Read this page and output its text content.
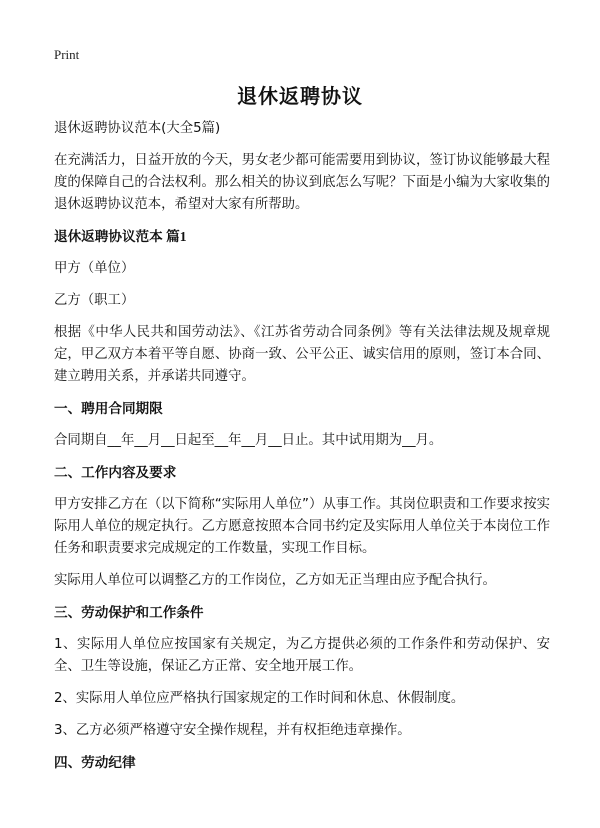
Print
退休返聘协议

退休返聘协议范本(大全5篇)

在充满活力，日益开放的今天，男女老少都可能需要用到协议，签订协议能够最大程度的保障自己的合法权利。那么相关的协议到底怎么写呢？下面是小编为大家收集的退休返聘协议范本，希望对大家有所帮助。

退休返聘协议范本 篇1

甲方（单位）

乙方（职工）

根据《中华人民共和国劳动法》、《江苏省劳动合同条例》等有关法律法规及规章规定，甲乙双方本着平等自愿、协商一致、公平公正、诚实信用的原则，签订本合同、建立聘用关系，并承诺共同遵守。

一、聘用合同期限

合同期自__年__月__日起至__年__月__日止。其中试用期为__月。

二、工作内容及要求

甲方安排乙方在（以下简称“实际用人单位”）从事工作。其岗位职责和工作要求按实际用人单位的规定执行。乙方愿意按照本合同书约定及实际用人单位关于本岗位工作任务和职责要求完成规定的工作数量，实现工作目标。

实际用人单位可以调整乙方的工作岗位，乙方如无正当理由应予配合执行。

三、劳动保护和工作条件

1、实际用人单位应按国家有关规定，为乙方提供必须的工作条件和劳动保护、安全、卫生等设施，保证乙方正常、安全地开展工作。

2、实际用人单位应严格执行国家规定的工作时间和休息、休假制度。

3、乙方必须严格遵守安全操作规程，并有权拒绝违章操作。

四、劳动纪律
